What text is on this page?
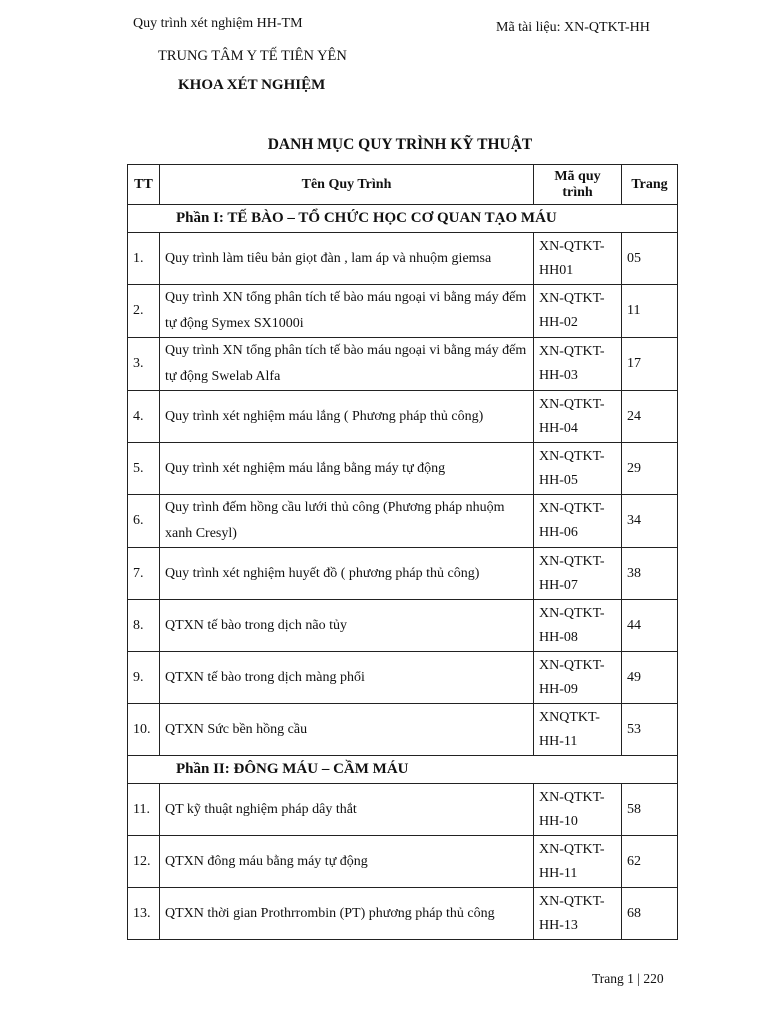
Quy trình xét nghiệm HH-TM	Mã tài liệu: XN-QTKT-HH
TRUNG TÂM Y TẾ TIÊN YÊN
KHOA XÉT NGHIỆM
DANH MỤC QUY TRÌNH KỸ THUẬT
TT	Tên Quy Trình	Mã quy trình	Trang
Phần I: TẾ BÀO – TỔ CHỨC HỌC CƠ QUAN TẠO MÁU			
1.	Quy trình làm tiêu bản giọt đàn , lam áp và nhuộm giemsa	XN-QTKT-HH01	05
2.	Quy trình XN tổng phân tích tế bào máu ngoại vi bằng máy đếm tự động Symex SX1000i	XN-QTKT-HH-02	11
3.	Quy trình XN tổng phân tích tế bào máu ngoại vi bằng máy đếm tự động Swelab Alfa	XN-QTKT-HH-03	17
4.	Quy trình xét nghiệm máu lắng ( Phương pháp thủ công)	XN-QTKT-HH-04	24
5.	Quy trình xét nghiệm máu lắng bằng máy tự động	XN-QTKT-HH-05	29
6.	Quy trình đếm hồng cầu lưới thủ công (Phương pháp nhuộm xanh Cresyl)	XN-QTKT-HH-06	34
7.	Quy trình xét nghiệm huyết đồ ( phương pháp thủ công)	XN-QTKT-HH-07	38
8.	QTXN tế bào trong dịch não tủy	XN-QTKT-HH-08	44
9.	QTXN tế bào trong dịch màng phổi	XN-QTKT-HH-09	49
10.	QTXN Sức bền hồng cầu	XNQTKT-HH-11	53
Phần II: ĐÔNG MÁU – CẦM MÁU			
11.	QT kỹ thuật nghiệm pháp dây thắt	XN-QTKT-HH-10	58
12.	QTXN đông máu bằng máy tự động	XN-QTKT-HH-11	62
13.	QTXN thời gian Prothrrombin (PT) phương pháp thủ công	XN-QTKT-HH-13	68
Trang 1 | 220
